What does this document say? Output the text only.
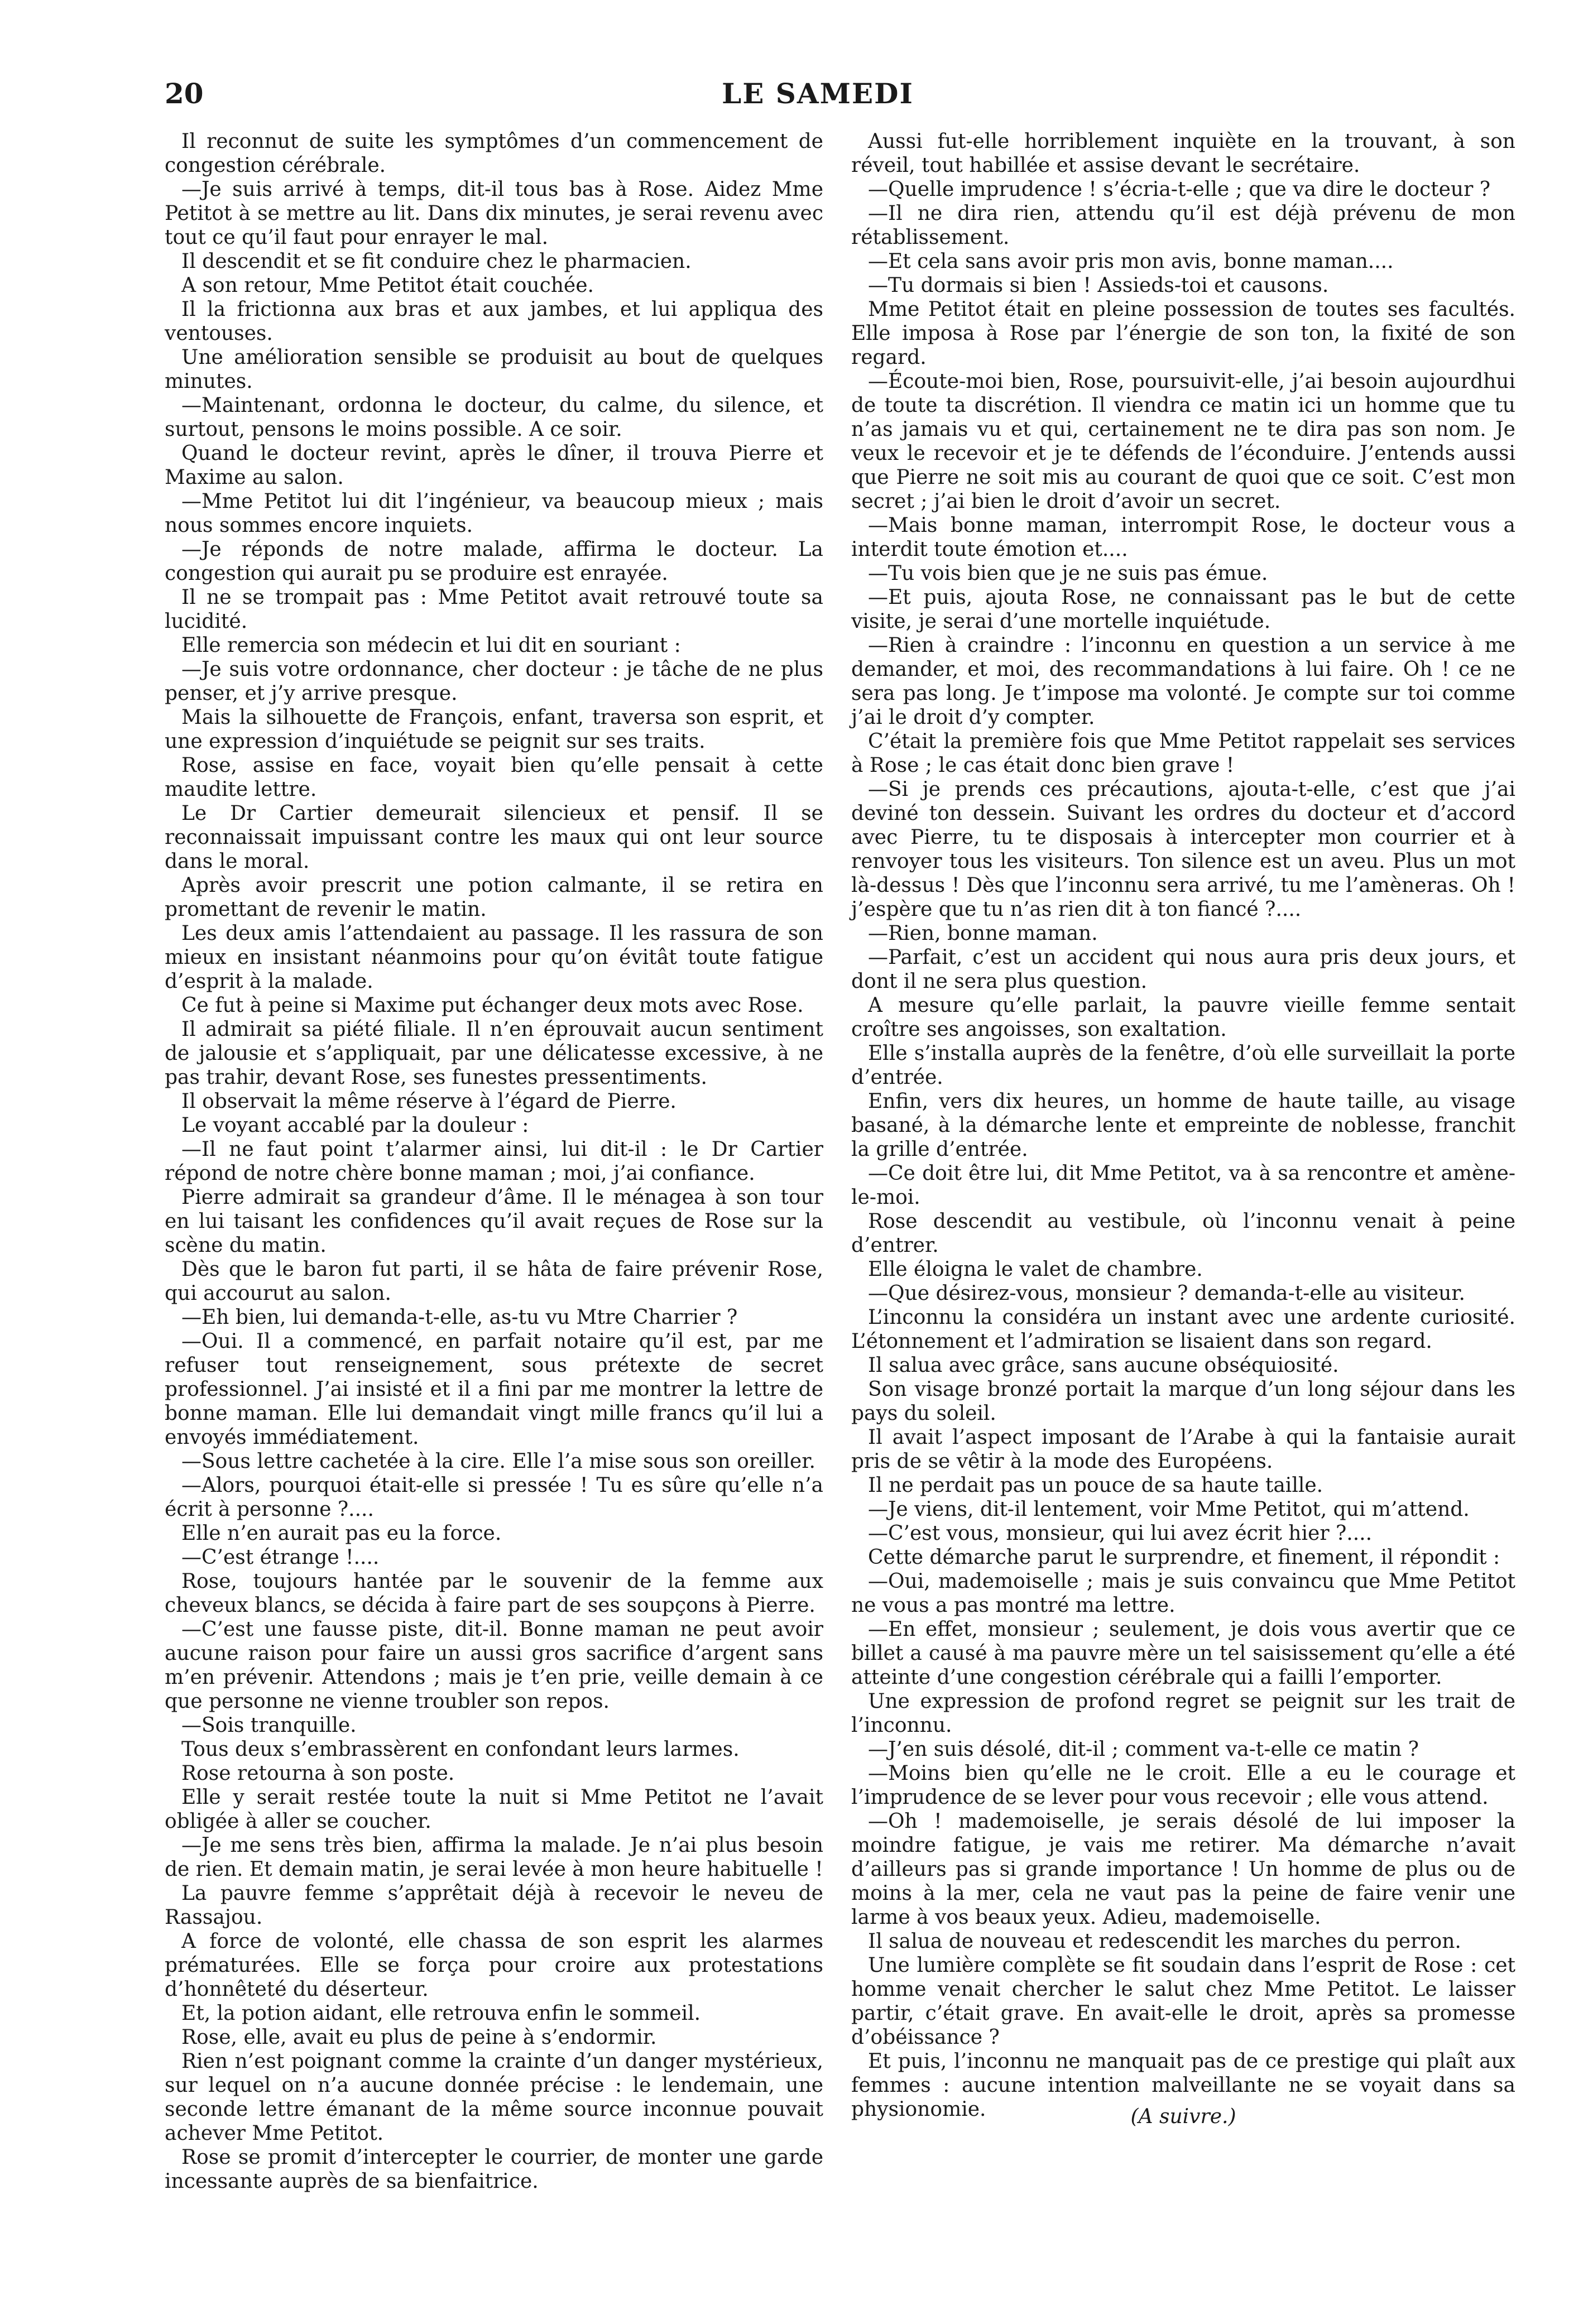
20	LE SAMEDI

Il reconnut de suite les symptômes d’un commencement de congestion cérébrale.

—Je suis arrivé à temps, dit-il tous bas à Rose. Aidez Mme Petitot à se mettre au lit. Dans dix minutes, je serai revenu avec tout ce qu’il faut pour enrayer le mal.

Il descendit et se fit conduire chez le pharmacien.

A son retour, Mme Petitot était couchée.

Il la frictionna aux bras et aux jambes, et lui appliqua des ventouses.

Une amélioration sensible se produisit au bout de quelques minutes.

—Maintenant, ordonna le docteur, du calme, du silence, et surtout, pensons le moins possible. A ce soir.

Quand le docteur revint, après le dîner, il trouva Pierre et Maxime au salon.

—Mme Petitot lui dit l’ingénieur, va beaucoup mieux ; mais nous sommes encore inquiets.

—Je réponds de notre malade, affirma le docteur. La congestion qui aurait pu se produire est enrayée.

Il ne se trompait pas : Mme Petitot avait retrouvé toute sa lucidité.

Elle remercia son médecin et lui dit en souriant :

—Je suis votre ordonnance, cher docteur : je tâche de ne plus penser, et j’y arrive presque.

Mais la silhouette de François, enfant, traversa son esprit, et une expression d’inquiétude se peignit sur ses traits.

Rose, assise en face, voyait bien qu’elle pensait à cette maudite lettre.

Le Dr Cartier demeurait silencieux et pensif. Il se reconnaissait impuissant contre les maux qui ont leur source dans le moral.

Après avoir prescrit une potion calmante, il se retira en promettant de revenir le matin.

Les deux amis l’attendaient au passage. Il les rassura de son mieux en insistant néanmoins pour qu’on évitât toute fatigue d’esprit à la malade.

Ce fut à peine si Maxime put échanger deux mots avec Rose.

Il admirait sa piété filiale. Il n’en éprouvait aucun sentiment de jalousie et s’appliquait, par une délicatesse excessive, à ne pas trahir, devant Rose, ses funestes pressentiments.

Il observait la même réserve à l’égard de Pierre.

Le voyant accablé par la douleur :

—Il ne faut point t’alarmer ainsi, lui dit-il : le Dr Cartier répond de notre chère bonne maman ; moi, j’ai confiance.

Pierre admirait sa grandeur d’âme. Il le ménagea à son tour en lui taisant les confidences qu’il avait reçues de Rose sur la scène du matin.

Dès que le baron fut parti, il se hâta de faire prévenir Rose, qui accourut au salon.

—Eh bien, lui demanda-t-elle, as-tu vu Mtre Charrier ?

—Oui. Il a commencé, en parfait notaire qu’il est, par me refuser tout renseignement, sous prétexte de secret professionnel. J’ai insisté et il a fini par me montrer la lettre de bonne maman. Elle lui demandait vingt mille francs qu’il lui a envoyés immédiatement.

—Sous lettre cachetée à la cire. Elle l’a mise sous son oreiller.

—Alors, pourquoi était-elle si pressée ! Tu es sûre qu’elle n’a écrit à personne ?....

Elle n’en aurait pas eu la force.

—C’est étrange !....

Rose, toujours hantée par le souvenir de la femme aux cheveux blancs, se décida à faire part de ses soupçons à Pierre.

—C’est une fausse piste, dit-il. Bonne maman ne peut avoir aucune raison pour faire un aussi gros sacrifice d’argent sans m’en prévenir. Attendons ; mais je t’en prie, veille demain à ce que personne ne vienne troubler son repos.

—Sois tranquille.

Tous deux s’embrassèrent en confondant leurs larmes.

Rose retourna à son poste.

Elle y serait restée toute la nuit si Mme Petitot ne l’avait obligée à aller se coucher.

—Je me sens très bien, affirma la malade. Je n’ai plus besoin de rien. Et demain matin, je serai levée à mon heure habituelle !

La pauvre femme s’apprêtait déjà à recevoir le neveu de Rassajou.

A force de volonté, elle chassa de son esprit les alarmes prématurées. Elle se força pour croire aux protestations d’honnêteté du déserteur.

Et, la potion aidant, elle retrouva enfin le sommeil.

Rose, elle, avait eu plus de peine à s’endormir.

Rien n’est poignant comme la crainte d’un danger mystérieux, sur lequel on n’a aucune donnée précise : le lendemain, une seconde lettre émanant de la même source inconnue pouvait achever Mme Petitot.

Rose se promit d’intercepter le courrier, de monter une garde incessante auprès de sa bienfaitrice.

Aussi fut-elle horriblement inquiète en la trouvant, à son réveil, tout habillée et assise devant le secrétaire.

—Quelle imprudence ! s’écria-t-elle ; que va dire le docteur ?

—Il ne dira rien, attendu qu’il est déjà prévenu de mon rétablissement.

—Et cela sans avoir pris mon avis, bonne maman....

—Tu dormais si bien ! Assieds-toi et causons.

Mme Petitot était en pleine possession de toutes ses facultés. Elle imposa à Rose par l’énergie de son ton, la fixité de son regard.

—Écoute-moi bien, Rose, poursuivit-elle, j’ai besoin aujourdhui de toute ta discrétion. Il viendra ce matin ici un homme que tu n’as jamais vu et qui, certainement ne te dira pas son nom. Je veux le recevoir et je te défends de l’éconduire. J’entends aussi que Pierre ne soit mis au courant de quoi que ce soit. C’est mon secret ; j’ai bien le droit d’avoir un secret.

—Mais bonne maman, interrompit Rose, le docteur vous a interdit toute émotion et....

—Tu vois bien que je ne suis pas émue.

—Et puis, ajouta Rose, ne connaissant pas le but de cette visite, je serai d’une mortelle inquiétude.

—Rien à craindre : l’inconnu en question a un service à me demander, et moi, des recommandations à lui faire. Oh ! ce ne sera pas long. Je t’impose ma volonté. Je compte sur toi comme j’ai le droit d’y compter.

C’était la première fois que Mme Petitot rappelait ses services à Rose ; le cas était donc bien grave !

—Si je prends ces précautions, ajouta-t-elle, c’est que j’ai deviné ton dessein. Suivant les ordres du docteur et d’accord avec Pierre, tu te disposais à intercepter mon courrier et à renvoyer tous les visiteurs. Ton silence est un aveu. Plus un mot là-dessus ! Dès que l’inconnu sera arrivé, tu me l’amèneras. Oh ! j’espère que tu n’as rien dit à ton fiancé ?....

—Rien, bonne maman.

—Parfait, c’est un accident qui nous aura pris deux jours, et dont il ne sera plus question.

A mesure qu’elle parlait, la pauvre vieille femme sentait croître ses angoisses, son exaltation.

Elle s’installa auprès de la fenêtre, d’où elle surveillait la porte d’entrée.

Enfin, vers dix heures, un homme de haute taille, au visage basané, à la démarche lente et empreinte de noblesse, franchit la grille d’entrée.

—Ce doit être lui, dit Mme Petitot, va à sa rencontre et amène-le-moi.

Rose descendit au vestibule, où l’inconnu venait à peine d’entrer.

Elle éloigna le valet de chambre.

—Que désirez-vous, monsieur ? demanda-t-elle au visiteur.

L’inconnu la considéra un instant avec une ardente curiosité. L’étonnement et l’admiration se lisaient dans son regard.

Il salua avec grâce, sans aucune obséquiosité.

Son visage bronzé portait la marque d’un long séjour dans les pays du soleil.

Il avait l’aspect imposant de l’Arabe à qui la fantaisie aurait pris de se vêtir à la mode des Européens.

Il ne perdait pas un pouce de sa haute taille.

—Je viens, dit-il lentement, voir Mme Petitot, qui m’attend.

—C’est vous, monsieur, qui lui avez écrit hier ?....

Cette démarche parut le surprendre, et finement, il répondit :

—Oui, mademoiselle ; mais je suis convaincu que Mme Petitot ne vous a pas montré ma lettre.

—En effet, monsieur ; seulement, je dois vous avertir que ce billet a causé à ma pauvre mère un tel saisissement qu’elle a été atteinte d’une congestion cérébrale qui a failli l’emporter.

Une expression de profond regret se peignit sur les trait de l’inconnu.

—J’en suis désolé, dit-il ; comment va-t-elle ce matin ?

—Moins bien qu’elle ne le croit. Elle a eu le courage et l’imprudence de se lever pour vous recevoir ; elle vous attend.

—Oh ! mademoiselle, je serais désolé de lui imposer la moindre fatigue, je vais me retirer. Ma démarche n’avait d’ailleurs pas si grande importance ! Un homme de plus ou de moins à la mer, cela ne vaut pas la peine de faire venir une larme à vos beaux yeux. Adieu, mademoiselle.

Il salua de nouveau et redescendit les marches du perron.

Une lumière complète se fit soudain dans l’esprit de Rose : cet homme venait chercher le salut chez Mme Petitot. Le laisser partir, c’était grave. En avait-elle le droit, après sa promesse d’obéissance ?

Et puis, l’inconnu ne manquait pas de ce prestige qui plaît aux femmes : aucune intention malveillante ne se voyait dans sa physionomie.	(A suivre.)
